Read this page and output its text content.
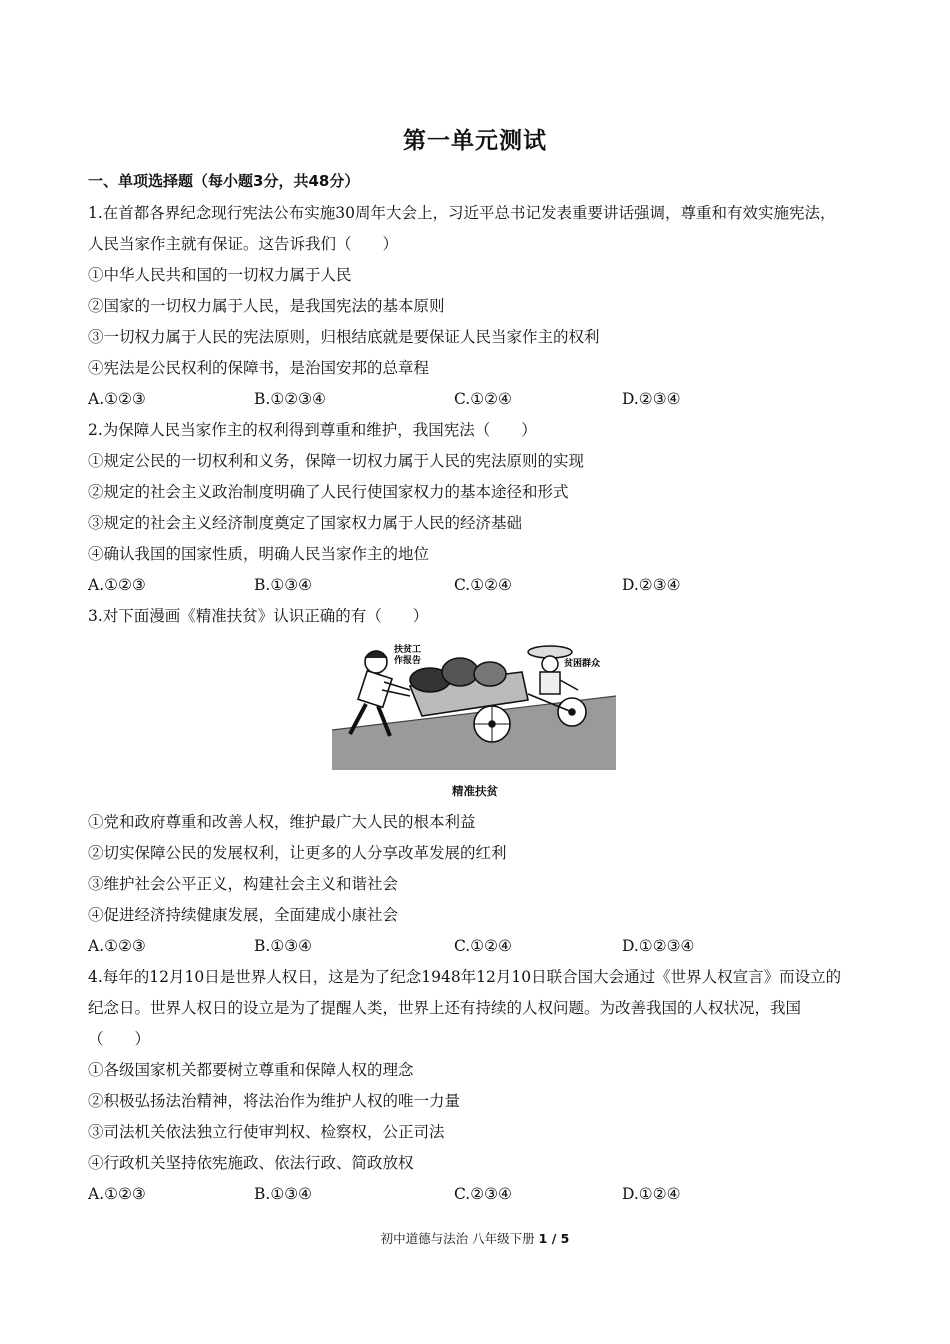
第一单元测试
一、单项选择题（每小题3分，共48分）
1.在首都各界纪念现行宪法公布实施30周年大会上，习近平总书记发表重要讲话强调，尊重和有效实施宪法，
人民当家作主就有保证。这告诉我们（　　）
①中华人民共和国的一切权力属于人民
②国家的一切权力属于人民，是我国宪法的基本原则
③一切权力属于人民的宪法原则，归根结底就是要保证人民当家作主的权利
④宪法是公民权利的保障书，是治国安邦的总章程
A.①②③	B.①②③④	C.①②④	D.②③④
2.为保障人民当家作主的权利得到尊重和维护，我国宪法（　　）
①规定公民的一切权利和义务，保障一切权力属于人民的宪法原则的实现
②规定的社会主义政治制度明确了人民行使国家权力的基本途径和形式
③规定的社会主义经济制度奠定了国家权力属于人民的经济基础
④确认我国的国家性质，明确人民当家作主的地位
A.①②③	B.①③④	C.①②④	D.②③④
3.对下面漫画《精准扶贫》认识正确的有（　　）
扶贫工
作报告	贫困群众
精准扶贫
①党和政府尊重和改善人权，维护最广大人民的根本利益
②切实保障公民的发展权利，让更多的人分享改革发展的红利
③维护社会公平正义，构建社会主义和谐社会
④促进经济持续健康发展，全面建成小康社会
A.①②③	B.①③④	C.①②④	D.①②③④
4.每年的12月10日是世界人权日，这是为了纪念1948年12月10日联合国大会通过《世界人权宣言》而设立的
纪念日。世界人权日的设立是为了提醒人类，世界上还有持续的人权问题。为改善我国的人权状况，我国
（　　）
①各级国家机关都要树立尊重和保障人权的理念
②积极弘扬法治精神，将法治作为维护人权的唯一力量
③司法机关依法独立行使审判权、检察权，公正司法
④行政机关坚持依宪施政、依法行政、简政放权
A.①②③	B.①③④	C.②③④	D.①②④
初中道德与法治 八年级下册 1 / 5
